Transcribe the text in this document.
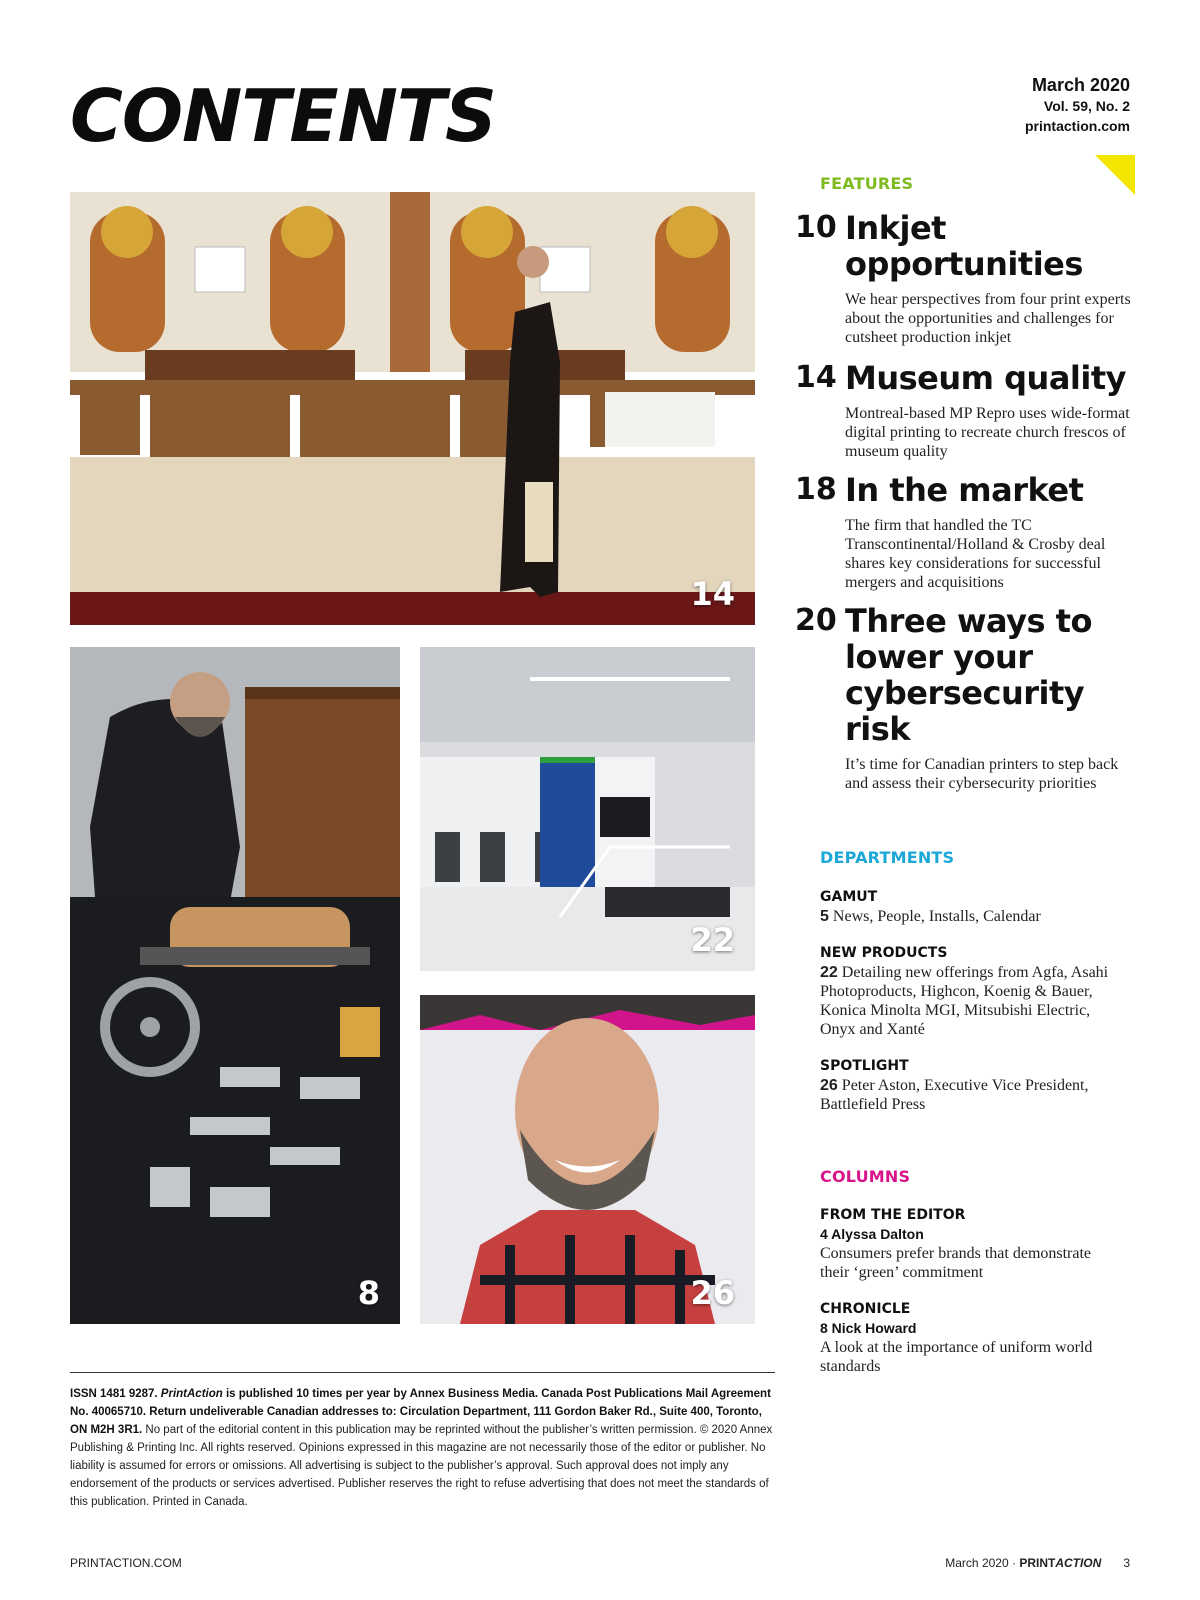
CONTENTS	March 2020
Vol. 59, No. 2
printaction.com
14
8
22
26
FEATURES
10 Inkjet
opportunities
We hear perspectives from four print experts about the opportunities and challenges for cutsheet production inkjet
14 Museum quality
Montreal-based MP Repro uses wide-format digital printing to recreate church frescos of museum quality
18 In the market
The firm that handled the TC Transcontinental/Holland & Crosby deal shares key considerations for successful mergers and acquisitions
20 Three ways to
lower your
cybersecurity risk
It’s time for Canadian printers to step back and assess their cybersecurity priorities
DEPARTMENTS
GAMUT
5 News, People, Installs, Calendar
NEW PRODUCTS
22 Detailing new offerings from Agfa, Asahi Photoproducts, Highcon, Koenig & Bauer, Konica Minolta MGI, Mitsubishi Electric, Onyx and Xanté
SPOTLIGHT
26 Peter Aston, Executive Vice President, Battlefield Press
COLUMNS
FROM THE EDITOR
4 Alyssa Dalton
Consumers prefer brands that demonstrate their ‘green’ commitment
CHRONICLE
8 Nick Howard
A look at the importance of uniform world standards
ISSN 1481 9287. PrintAction is published 10 times per year by Annex Business Media. Canada Post Publications Mail Agreement No. 40065710. Return undeliverable Canadian addresses to: Circulation Department, 111 Gordon Baker Rd., Suite 400, Toronto, ON M2H 3R1. No part of the editorial content in this publication may be reprinted without the publisher’s written permission. © 2020 Annex Publishing & Printing Inc. All rights reserved. Opinions expressed in this magazine are not necessarily those of the editor or publisher. No liability is assumed for errors or omissions. All advertising is subject to the publisher’s approval. Such approval does not imply any endorsement of the products or services advertised. Publisher reserves the right to refuse advertising that does not meet the standards of this publication. Printed in Canada.
PRINTACTION.COM	March 2020 · PRINTACTION 3
